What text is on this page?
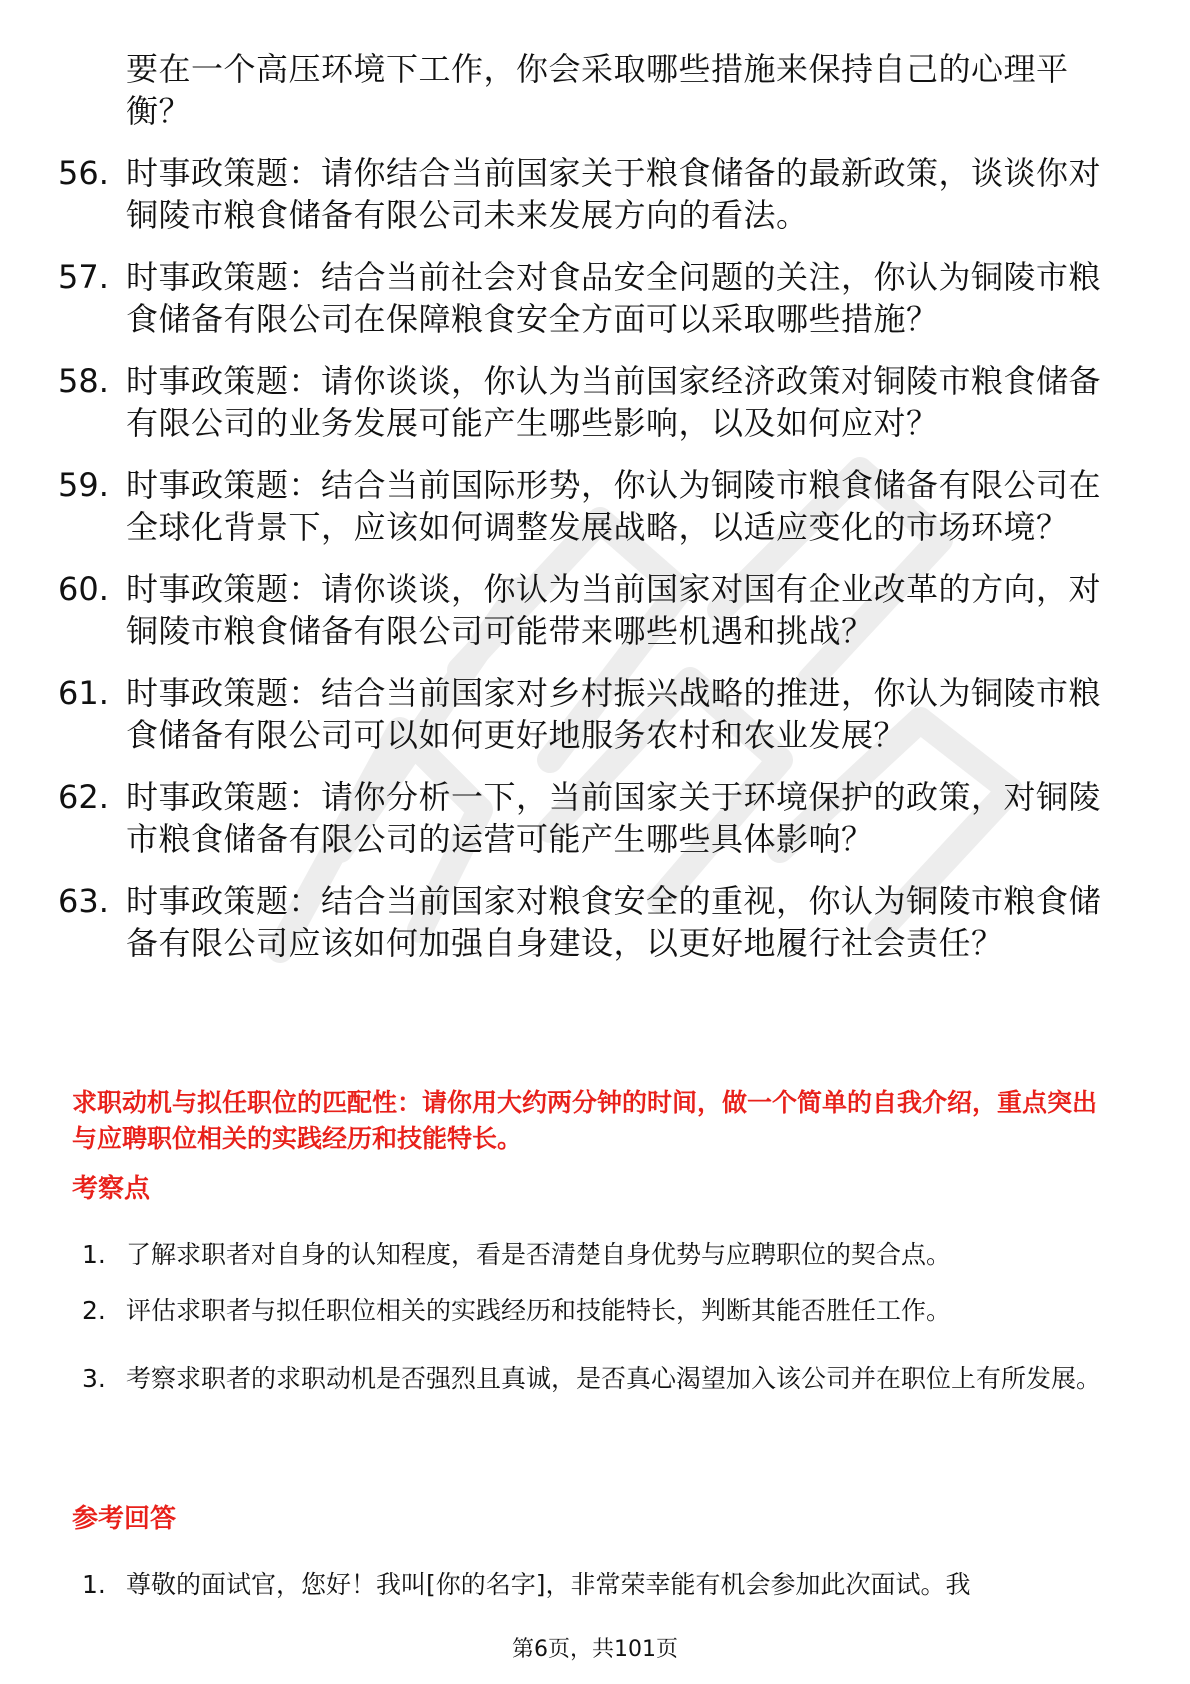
要在一个高压环境下工作，你会采取哪些措施来保持自己的心理平衡？
56. 时事政策题：请你结合当前国家关于粮食储备的最新政策，谈谈你对铜陵市粮食储备有限公司未来发展方向的看法。
57. 时事政策题：结合当前社会对食品安全问题的关注，你认为铜陵市粮食储备有限公司在保障粮食安全方面可以采取哪些措施？
58. 时事政策题：请你谈谈，你认为当前国家经济政策对铜陵市粮食储备有限公司的业务发展可能产生哪些影响，以及如何应对？
59. 时事政策题：结合当前国际形势，你认为铜陵市粮食储备有限公司在全球化背景下，应该如何调整发展战略，以适应变化的市场环境？
60. 时事政策题：请你谈谈，你认为当前国家对国有企业改革的方向，对铜陵市粮食储备有限公司可能带来哪些机遇和挑战？
61. 时事政策题：结合当前国家对乡村振兴战略的推进，你认为铜陵市粮食储备有限公司可以如何更好地服务农村和农业发展？
62. 时事政策题：请你分析一下，当前国家关于环境保护的政策，对铜陵市粮食储备有限公司的运营可能产生哪些具体影响？
63. 时事政策题：结合当前国家对粮食安全的重视，你认为铜陵市粮食储备有限公司应该如何加强自身建设，以更好地履行社会责任？
求职动机与拟任职位的匹配性：请你用大约两分钟的时间，做一个简单的自我介绍，重点突出与应聘职位相关的实践经历和技能特长。
考察点
1. 了解求职者对自身的认知程度，看是否清楚自身优势与应聘职位的契合点。
2. 评估求职者与拟任职位相关的实践经历和技能特长，判断其能否胜任工作。
3. 考察求职者的求职动机是否强烈且真诚，是否真心渴望加入该公司并在职位上有所发展。
参考回答
1. 尊敬的面试官，您好！我叫[你的名字]，非常荣幸能有机会参加此次面试。我
第6页，共101页
